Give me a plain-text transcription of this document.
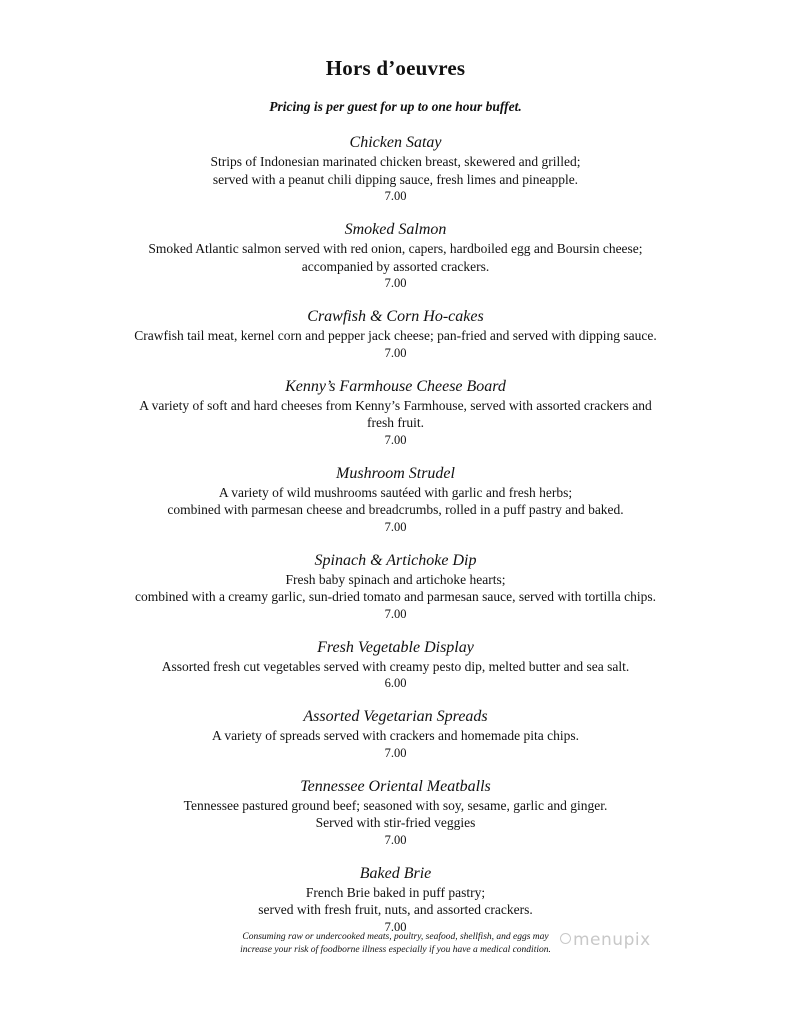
Hors d’oeuvres
Pricing is per guest for up to one hour buffet.
Chicken Satay
Strips of Indonesian marinated chicken breast, skewered and grilled;
served with a peanut chili dipping sauce, fresh limes and pineapple.
7.00
Smoked Salmon
Smoked Atlantic salmon served with red onion, capers, hardboiled egg and Boursin cheese;
accompanied by assorted crackers.
7.00
Crawfish & Corn Ho-cakes
Crawfish tail meat, kernel corn and pepper jack cheese; pan-fried and served with dipping sauce.
7.00
Kenny’s Farmhouse Cheese Board
A variety of soft and hard cheeses from Kenny’s Farmhouse, served with assorted crackers and
fresh fruit.
7.00
Mushroom Strudel
A variety of wild mushrooms sautéed with garlic and fresh herbs;
combined with parmesan cheese and breadcrumbs, rolled in a puff pastry and baked.
7.00
Spinach & Artichoke Dip
Fresh baby spinach and artichoke hearts;
combined with a creamy garlic, sun-dried tomato and parmesan sauce, served with tortilla chips.
7.00
Fresh Vegetable Display
Assorted fresh cut vegetables served with creamy pesto dip, melted butter and sea salt.
6.00
Assorted Vegetarian Spreads
A variety of spreads served with crackers and homemade pita chips.
7.00
Tennessee Oriental Meatballs
Tennessee pastured ground beef; seasoned with soy, sesame, garlic and ginger.
Served with stir-fried veggies
7.00
Baked Brie
French Brie baked in puff pastry;
served with fresh fruit, nuts, and assorted crackers.
7.00
Consuming raw or undercooked meats, poultry, seafood, shellfish, and eggs may
increase your risk of foodborne illness especially if you have a medical condition.	menupix
